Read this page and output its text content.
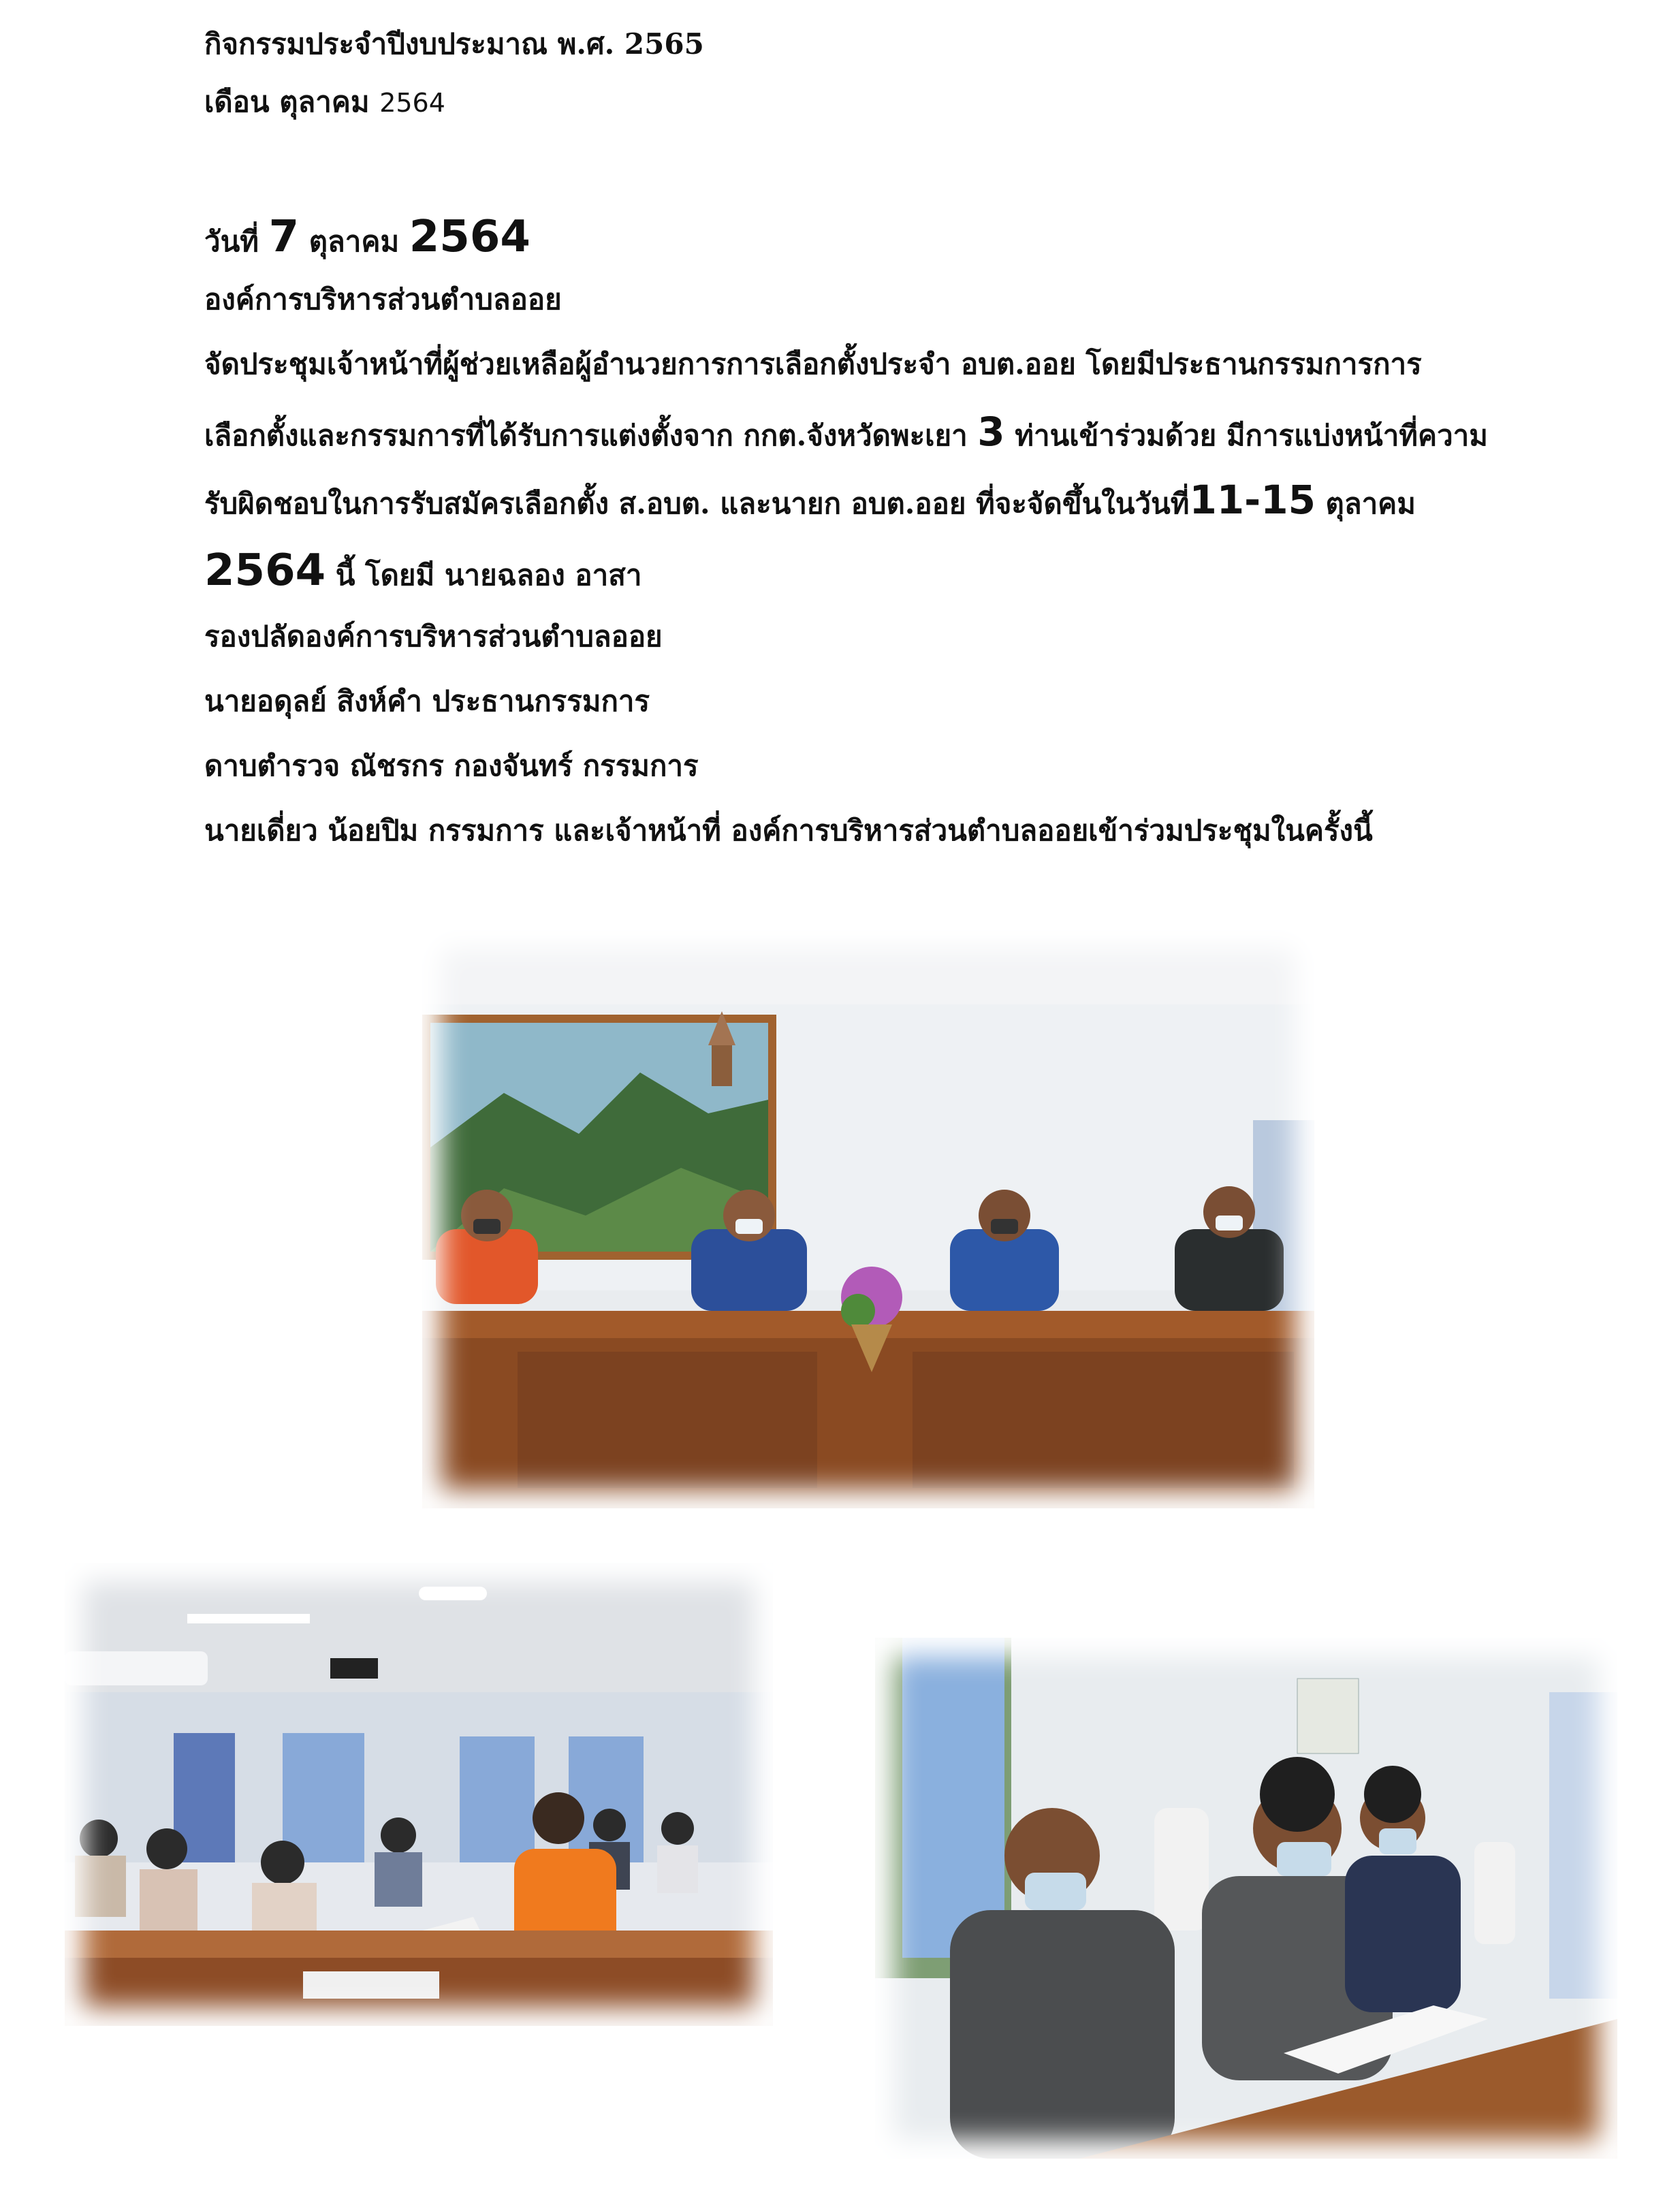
กิจกรรมประจำปีงบประมาณ พ.ศ. 2565
เดือน ตุลาคม 2564
วันที่ 7 ตุลาคม 2564
องค์การบริหารส่วนตำบลออย
จัดประชุมเจ้าหน้าที่ผู้ช่วยเหลือผู้อำนวยการการเลือกตั้งประจำ อบต.ออย โดยมีประธานกรรมการการ
เลือกตั้งและกรรมการที่ได้รับการแต่งตั้งจาก กกต.จังหวัดพะเยา 3 ท่านเข้าร่วมด้วย มีการแบ่งหน้าที่ความ
รับผิดชอบในการรับสมัครเลือกตั้ง ส.อบต. และนายก อบต.ออย ที่จะจัดขึ้นในวันที่11-15 ตุลาคม
2564 นี้ โดยมี นายฉลอง อาสา
รองปลัดองค์การบริหารส่วนตำบลออย
นายอดุลย์ สิงห์คำ ประธานกรรมการ
ดาบตำรวจ ณัชรกร กองจันทร์ กรรมการ
นายเดี่ยว น้อยปิม กรรมการ และเจ้าหน้าที่ องค์การบริหารส่วนตำบลออยเข้าร่วมประชุมในครั้งนี้
